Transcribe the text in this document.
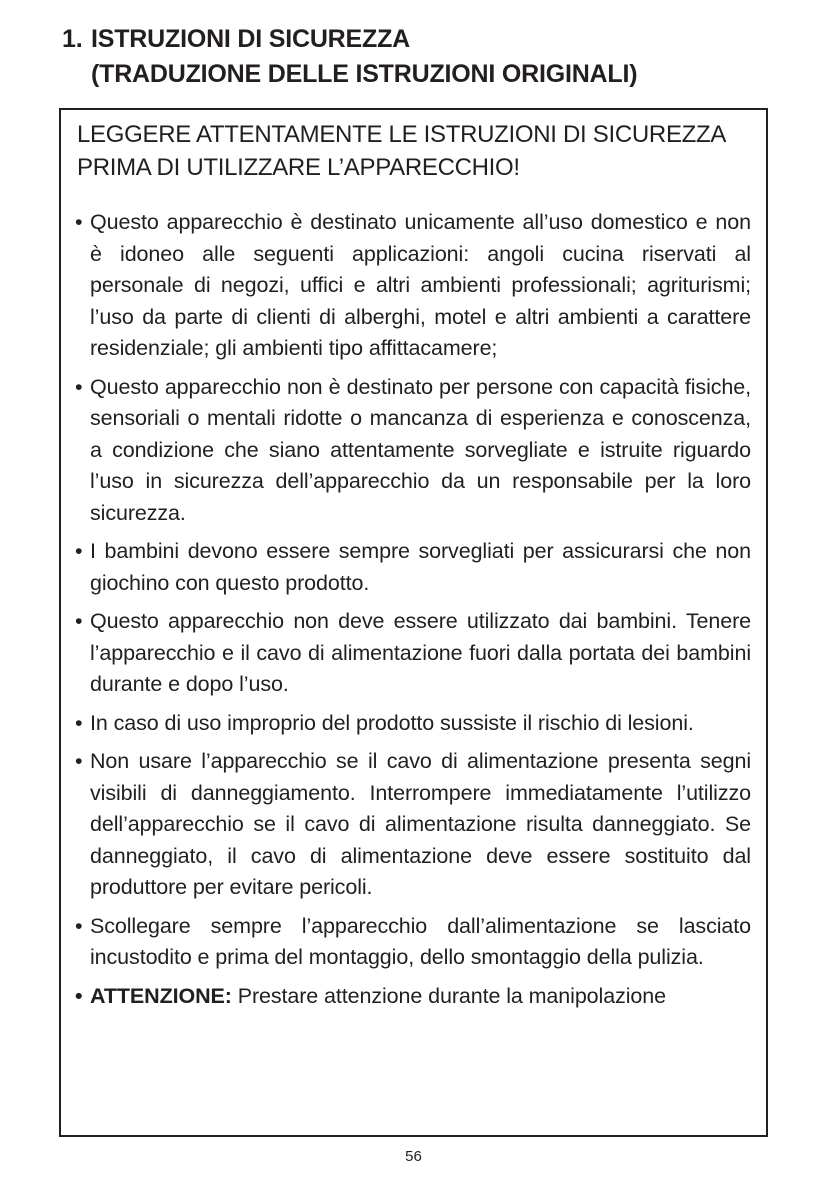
1. ISTRUZIONI DI SICUREZZA
(TRADUZIONE DELLE ISTRUZIONI ORIGINALI)
LEGGERE ATTENTAMENTE LE ISTRUZIONI DI SICUREZZA PRIMA DI UTILIZZARE L’APPARECCHIO!
• Questo apparecchio è destinato unicamente all’uso domestico e non è idoneo alle seguenti applicazioni: angoli cucina riservati al personale di negozi, uffici e altri ambienti professionali; agriturismi; l’uso da parte di clienti di alberghi, motel e altri ambienti a carattere residenziale; gli ambienti tipo affittacamere;
• Questo apparecchio non è destinato per persone con capacità fisiche, sensoriali o mentali ridotte o mancanza di esperienza e conoscenza, a condizione che siano attentamente sorvegliate e istruite riguardo l’uso in sicurezza dell’apparecchio da un responsabile per la loro sicurezza.
• I bambini devono essere sempre sorvegliati per assicurarsi che non giochino con questo prodotto.
• Questo apparecchio non deve essere utilizzato dai bambini. Tenere l’apparecchio e il cavo di alimentazione fuori dalla portata dei bambini durante e dopo l’uso.
• In caso di uso improprio del prodotto sussiste il rischio di lesioni.
• Non usare l’apparecchio se il cavo di alimentazione presenta segni visibili di danneggiamento. Interrompere immediatamente l’utilizzo dell’apparecchio se il cavo di alimentazione risulta danneggiato. Se danneggiato, il cavo di alimentazione deve essere sostituito dal produttore per evitare pericoli.
• Scollegare sempre l’apparecchio dall’alimentazione se lasciato incustodito e prima del montaggio, dello smontaggio della pulizia.
• ATTENZIONE: Prestare attenzione durante la manipolazione
56
